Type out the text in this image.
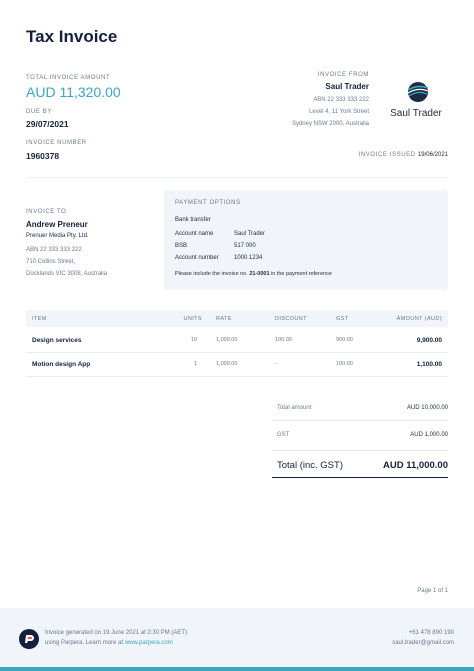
Tax Invoice
TOTAL INVOICE AMOUNT
AUD 11,320.00
DUE BY
29/07/2021
INVOICE NUMBER
1960378
INVOICE FROM
Saul Trader
ABN 22 333 333 222
Level 4, 11 York Street
Sydney NSW 2000, Australia
Saul Trader
INVOICE ISSUED 19/06/2021
INVOICE TO
Andrew Preneur
Prenuer Media Pty. Ltd.
ABN 22 333 333 222
710 Collins Street,
Docklands VIC 3008, Australia
PAYMENT OPTIONS
Bank transfer
Account name	Saul Trader
BSB	517 000
Account number	1000 1234
Please include the invoice no. 21-0001 in the payment reference
ITEM	UNITS	RATE	DISCOUNT	GST	AMOUNT (AUD)
Design services	10	1,000.00	100.00	900.00	9,900.00
Motion design App	1	1,000.00	-	100.00	1,100.00
Total amount	AUD 10,000.00
GST	AUD 1,000.00
Total (inc. GST)	AUD 11,000.00
Page 1 of 1
Invoice generated on 19 June 2021 at 2:30 PM (AET)
using Parpera. Learn more at www.parpera.com
+61 478 890 190
saul.trader@gmail.com
